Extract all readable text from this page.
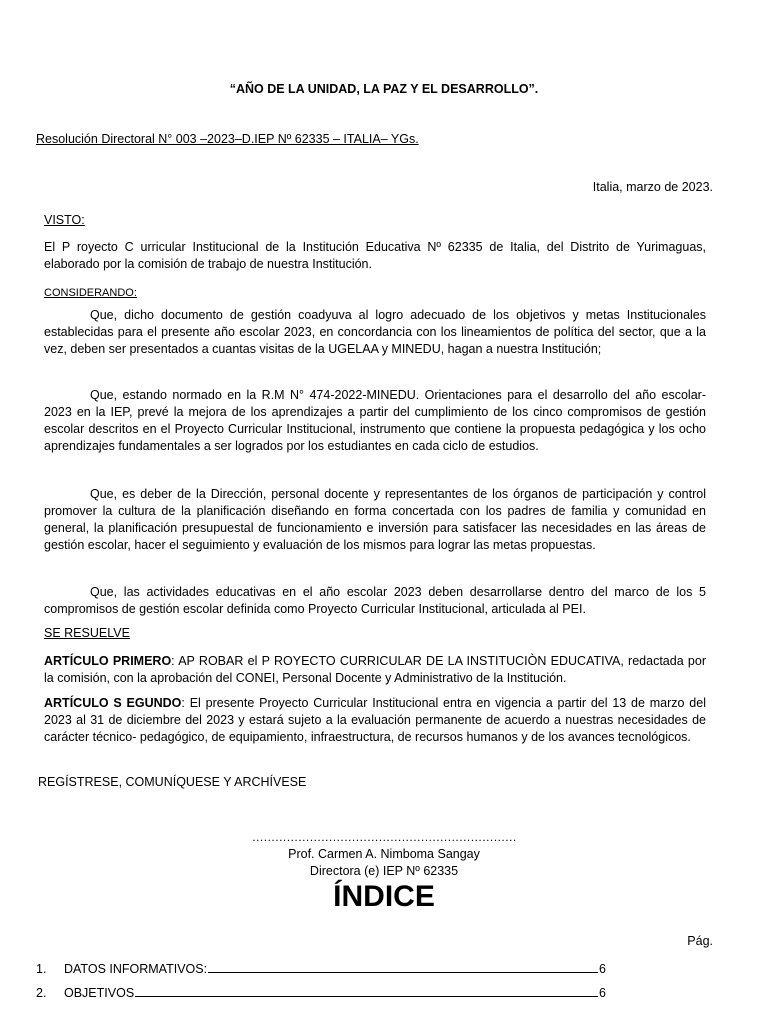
“AÑO DE LA UNIDAD, LA PAZ Y EL DESARROLLO”.
Resolución Directoral N° 003 –2023–D.IEP Nº 62335 – ITALIA– YGs.
Italia, marzo de 2023.
VISTO:
El P royecto C urricular Institucional de la Institución Educativa Nº 62335 de Italia, del Distrito de Yurimaguas, elaborado por la comisión de trabajo de nuestra Institución.
CONSIDERANDO:
Que, dicho documento de gestión coadyuva al logro adecuado de los objetivos y metas Institucionales establecidas para el presente año escolar 2023, en concordancia con los lineamientos de política del sector, que a la vez, deben ser presentados a cuantas visitas de la UGELAA y MINEDU, hagan a nuestra Institución;
Que, estando normado en la R.M N° 474-2022-MINEDU. Orientaciones para el desarrollo del año escolar-2023 en la IEP, prevé la mejora de los aprendizajes a partir del cumplimiento de los cinco compromisos de gestión escolar descritos en el Proyecto Curricular Institucional, instrumento que contiene la propuesta pedagógica y los ocho aprendizajes fundamentales a ser logrados por los estudiantes en cada ciclo de estudios.
Que, es deber de la Dirección, personal docente y representantes de los órganos de participación y control promover la cultura de la planificación diseñando en forma concertada con los padres de familia y comunidad en general, la planificación presupuestal de funcionamiento e inversión para satisfacer las necesidades en las áreas de gestión escolar, hacer el seguimiento y evaluación de los mismos para lograr las metas propuestas.
Que, las actividades educativas en el año escolar 2023 deben desarrollarse dentro del marco de los 5 compromisos de gestión escolar definida como Proyecto Curricular Institucional, articulada al PEI.
SE RESUELVE
ARTÍCULO PRIMERO: AP ROBAR el P ROYECTO CURRICULAR DE LA INSTITUCIÒN EDUCATIVA, redactada por la comisión, con la aprobación del CONEI, Personal Docente y Administrativo de la Institución.
ARTÍCULO S EGUNDO: El presente Proyecto Curricular Institucional entra en vigencia a partir del 13 de marzo del 2023 al 31 de diciembre del 2023 y estará sujeto a la evaluación permanente de acuerdo a nuestras necesidades de carácter técnico- pedagógico, de equipamiento, infraestructura, de recursos humanos y de los avances tecnológicos.
REGÍSTRESE, COMUNÍQUESE Y ARCHÍVESE
……………………………………………………………
Prof. Carmen A. Nimboma Sangay
Directora (e) IEP Nº 62335
ÍNDICE
Pág.
1.	DATOS INFORMATIVOS:	6
2.	OBJETIVOS	6
